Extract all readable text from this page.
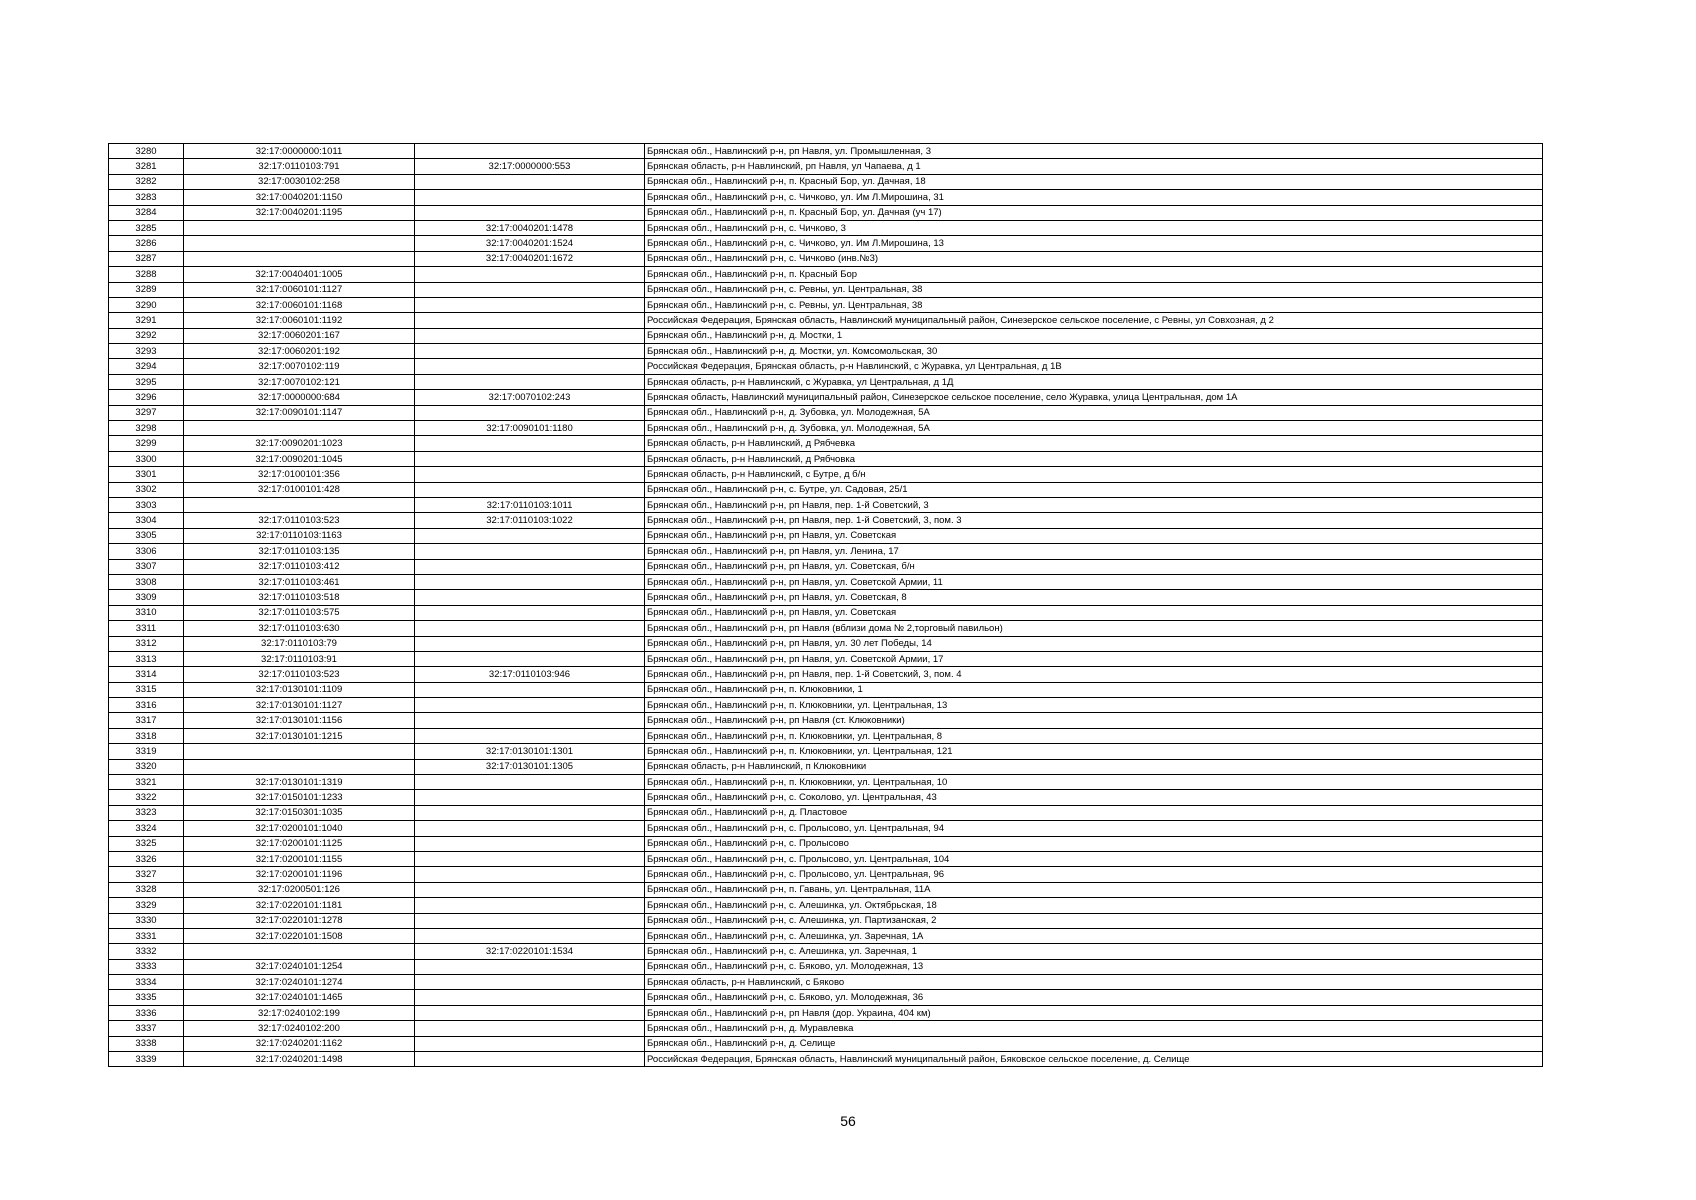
3280	32:17:0000000:1011		Брянская обл., Навлинский р-н, рп Навля, ул. Промышленная, 3
3281	32:17:0110103:791	32:17:0000000:553	Брянская область, р-н Навлинский, рп Навля, ул Чапаева, д 1
3282	32:17:0030102:258		Брянская обл., Навлинский р-н, п. Красный Бор, ул. Дачная, 18
3283	32:17:0040201:1150		Брянская обл., Навлинский р-н, с. Чичково, ул. Им Л.Мирошина, 31
3284	32:17:0040201:1195		Брянская обл., Навлинский р-н, п. Красный Бор, ул. Дачная (уч 17)
3285		32:17:0040201:1478	Брянская обл., Навлинский р-н, с. Чичково, 3
3286		32:17:0040201:1524	Брянская обл., Навлинский р-н, с. Чичково, ул. Им Л.Мирошина, 13
3287		32:17:0040201:1672	Брянская обл., Навлинский р-н, с. Чичково (инв.№3)
3288	32:17:0040401:1005		Брянская обл., Навлинский р-н, п. Красный Бор
3289	32:17:0060101:1127		Брянская обл., Навлинский р-н, с. Ревны, ул. Центральная, 38
3290	32:17:0060101:1168		Брянская обл., Навлинский р-н, с. Ревны, ул. Центральная, 38
3291	32:17:0060101:1192		Российская Федерация, Брянская область, Навлинский муниципальный район, Синезерское сельское поселение, с Ревны, ул Совхозная, д 2
3292	32:17:0060201:167		Брянская обл., Навлинский р-н, д. Мостки, 1
3293	32:17:0060201:192		Брянская обл., Навлинский р-н, д. Мостки, ул. Комсомольская, 30
3294	32:17:0070102:119		Российская Федерация, Брянская область, р-н Навлинский, с Журавка, ул Центральная, д 1В
3295	32:17:0070102:121		Брянская область, р-н Навлинский, с Журавка, ул Центральная, д 1Д
3296	32:17:0000000:684	32:17:0070102:243	Брянская область, Навлинский муниципальный район, Синезерское сельское поселение, село Журавка, улица Центральная, дом 1А
3297	32:17:0090101:1147		Брянская обл., Навлинский р-н, д. Зубовка, ул. Молодежная, 5А
3298		32:17:0090101:1180	Брянская обл., Навлинский р-н, д. Зубовка, ул. Молодежная, 5А
3299	32:17:0090201:1023		Брянская область, р-н Навлинский, д Рябчевка
3300	32:17:0090201:1045		Брянская область, р-н Навлинский, д Рябчовка
3301	32:17:0100101:356		Брянская область, р-н Навлинский, с Бутре, д б/н
3302	32:17:0100101:428		Брянская обл., Навлинский р-н, с. Бутре, ул. Садовая, 25/1
3303		32:17:0110103:1011	Брянская обл., Навлинский р-н, рп Навля, пер. 1-й Советский, 3
3304	32:17:0110103:523	32:17:0110103:1022	Брянская обл., Навлинский р-н, рп Навля, пер. 1-й Советский, 3, пом. 3
3305	32:17:0110103:1163		Брянская обл., Навлинский р-н, рп Навля, ул. Советская
3306	32:17:0110103:135		Брянская обл., Навлинский р-н, рп Навля, ул. Ленина, 17
3307	32:17:0110103:412		Брянская обл., Навлинский р-н, рп Навля, ул. Советская, б/н
3308	32:17:0110103:461		Брянская обл., Навлинский р-н, рп Навля, ул. Советской Армии, 11
3309	32:17:0110103:518		Брянская обл., Навлинский р-н, рп Навля, ул. Советская, 8
3310	32:17:0110103:575		Брянская обл., Навлинский р-н, рп Навля, ул. Советская
3311	32:17:0110103:630		Брянская обл., Навлинский р-н, рп Навля (вблизи дома № 2,торговый павильон)
3312	32:17:0110103:79		Брянская обл., Навлинский р-н, рп Навля, ул. 30 лет Победы, 14
3313	32:17:0110103:91		Брянская обл., Навлинский р-н, рп Навля, ул. Советской Армии, 17
3314	32:17:0110103:523	32:17:0110103:946	Брянская обл., Навлинский р-н, рп Навля, пер. 1-й Советский, 3, пом. 4
3315	32:17:0130101:1109		Брянская обл., Навлинский р-н, п. Клюковники, 1
3316	32:17:0130101:1127		Брянская обл., Навлинский р-н, п. Клюковники, ул. Центральная, 13
3317	32:17:0130101:1156		Брянская обл., Навлинский р-н, рп Навля (ст. Клюковники)
3318	32:17:0130101:1215		Брянская обл., Навлинский р-н, п. Клюковники, ул. Центральная, 8
3319		32:17:0130101:1301	Брянская обл., Навлинский р-н, п. Клюковники, ул. Центральная, 121
3320		32:17:0130101:1305	Брянская область, р-н Навлинский, п Клюковники
3321	32:17:0130101:1319		Брянская обл., Навлинский р-н, п. Клюковники, ул. Центральная, 10
3322	32:17:0150101:1233		Брянская обл., Навлинский р-н, с. Соколово, ул. Центральная, 43
3323	32:17:0150301:1035		Брянская обл., Навлинский р-н, д. Пластовое
3324	32:17:0200101:1040		Брянская обл., Навлинский р-н, с. Пролысово, ул. Центральная, 94
3325	32:17:0200101:1125		Брянская обл., Навлинский р-н, с. Пролысово
3326	32:17:0200101:1155		Брянская обл., Навлинский р-н, с. Пролысово, ул. Центральная, 104
3327	32:17:0200101:1196		Брянская обл., Навлинский р-н, с. Пролысово, ул. Центральная, 96
3328	32:17:0200501:126		Брянская обл., Навлинский р-н, п. Гавань, ул. Центральная, 11А
3329	32:17:0220101:1181		Брянская обл., Навлинский р-н, с. Алешинка, ул. Октябрьская, 18
3330	32:17:0220101:1278		Брянская обл., Навлинский р-н, с. Алешинка, ул. Партизанская, 2
3331	32:17:0220101:1508		Брянская обл., Навлинский р-н, с. Алешинка, ул. Заречная, 1А
3332		32:17:0220101:1534	Брянская обл., Навлинский р-н, с. Алешинка, ул. Заречная, 1
3333	32:17:0240101:1254		Брянская обл., Навлинский р-н, с. Бяково, ул. Молодежная, 13
3334	32:17:0240101:1274		Брянская область, р-н Навлинский, с Бяково
3335	32:17:0240101:1465		Брянская обл., Навлинский р-н, с. Бяково, ул. Молодежная, 36
3336	32:17:0240102:199		Брянская обл., Навлинский р-н, рп Навля (дор. Украина, 404 км)
3337	32:17:0240102:200		Брянская обл., Навлинский р-н, д. Муравлевка
3338	32:17:0240201:1162		Брянская обл., Навлинский р-н, д. Селище
3339	32:17:0240201:1498		Российская Федерация, Брянская область, Навлинский муниципальный район, Бяковское сельское поселение, д. Селище
56
